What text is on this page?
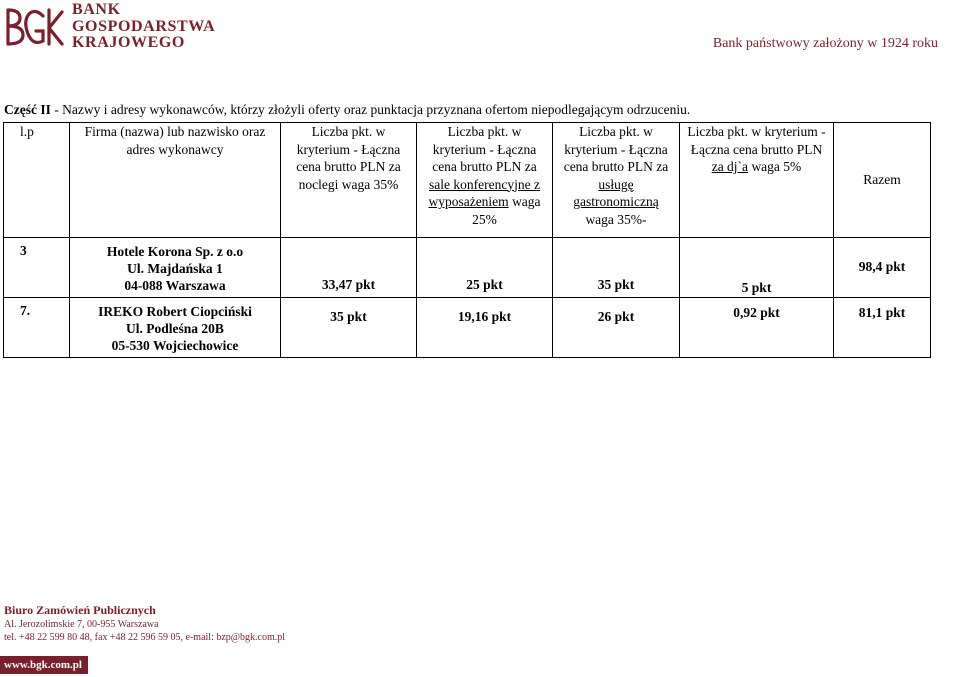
BANK
GOSPODARSTWA
KRAJOWEGO	Bank państwowy założony w 1924 roku
Część II - Nazwy i adresy wykonawców, którzy złożyli oferty oraz punktacja przyznana ofertom niepodlegającym odrzuceniu.
l.p	Firma (nazwa) lub nazwisko oraz adres wykonawcy	Liczba pkt. w kryterium - Łączna cena brutto PLN za noclegi waga 35%	Liczba pkt. w kryterium - Łączna cena brutto PLN za sale konferencyjne z wyposażeniem waga 25%	Liczba pkt. w kryterium - Łączna cena brutto PLN za usługę gastronomiczną waga 35%-	Liczba pkt. w kryterium - Łączna cena brutto PLN za dj`a waga 5%	Razem
3	Hotele Korona Sp. z o.o
Ul. Majdańska 1
04-088 Warszawa	33,47 pkt	25 pkt	35 pkt	5 pkt	98,4 pkt
7.	IREKO Robert Ciopciński
Ul. Podleśna 20B
05-530 Wojciechowice	35 pkt	19,16 pkt	26 pkt	0,92 pkt	81,1 pkt
Biuro Zamówień Publicznych
Al. Jerozolimskie 7, 00-955 Warszawa
tel. +48 22 599 80 48, fax +48 22 596 59 05, e-mail: bzp@bgk.com.pl
www.bgk.com.pl
